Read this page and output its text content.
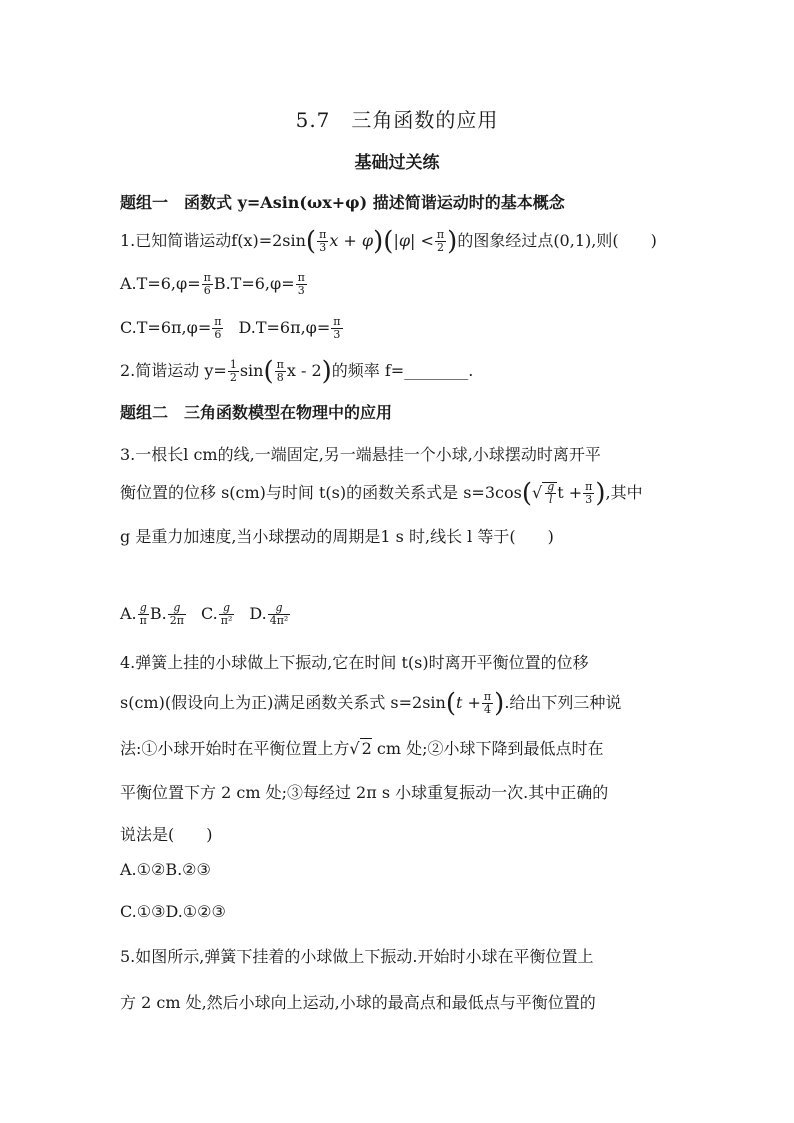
5.7　三角函数的应用
基础过关练
题组一　函数式 y=Asin(ωx+φ) 描述简谐运动时的基本概念
1.已知简谐运动$f(x)=2\sin( \frac{\pi}{3}$ $x + \varphi)(|\varphi| < \frac{\pi}{2}$ )的图象经过点(0,1),则(　　)
$A.T=6,\varphi= \frac{\pi}{6} B.T=6,\varphi= \frac{\pi}{3}$
$C.T=6\pi,\varphi= \frac{\pi}{6} D.T=6\pi,\varphi= \frac{\pi}{3}$
2.简谐运动 $y= \frac{1}{2} \sin( \frac{\pi}{8}$ x - 2)的频率 f=________.
题组二　三角函数模型在物理中的应用
3.一根长l cm的线,一端固定,另一端悬挂一个小球,小球摆动时离开平
衡位置的位移 s(cm)与时间 t(s)的函数关系式是 $s=3\cos(√ \frac{g}{l}$ $t + \frac{\pi}{3}$ ),其中
g 是重力加速度,当小球摆动的周期是1 s 时,线长 l 等于(　　)
A. $\frac{g}{\pi} B$. $\frac{g}{2\pi} C$. $\frac{g}{\text{π²}} D$. $\frac{g}{\text{4π²}}$
4.弹簧上挂的小球做上下振动,它在时间 t(s)时离开平衡位置的位移
s(cm)(假设向上为正)满足函数关系式 $s=2\sin(t + \frac{\pi}{4}$ ).给出下列三种说
法:①小球开始时在平衡位置上方√ 2 cm 处;②小球下降到最低点时在
平衡位置下方 2 cm 处;③每经过 2π s 小球重复振动一次.其中正确的
说法是(　　)
A.①②B.②③
C.①③D.①②③
5.如图所示,弹簧下挂着的小球做上下振动.开始时小球在平衡位置上
方 2 cm 处,然后小球向上运动,小球的最高点和最低点与平衡位置的
